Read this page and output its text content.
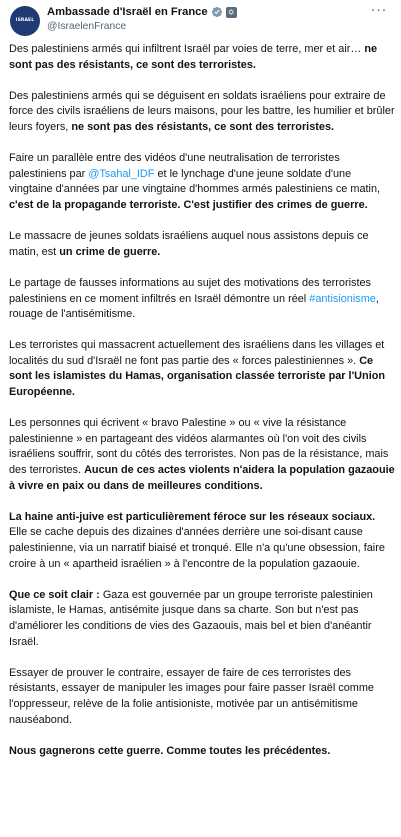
ISRAEL
Ambassade d'Israël en France	✡
@IsraelenFrance
···
Des palestiniens armés qui infiltrent Israël par voies de terre, mer et air… ne sont pas des résistants, ce sont des terroristes.
Des palestiniens armés qui se déguisent en soldats israéliens pour extraire de force des civils israéliens de leurs maisons, pour les battre, les humilier et brûler leurs foyers, ne sont pas des résistants, ce sont des terroristes.
Faire un parallèle entre des vidéos d'une neutralisation de terroristes palestiniens par @Tsahal_IDF et le lynchage d'une jeune soldate d'une vingtaine d'années par une vingtaine d'hommes armés palestiniens ce matin, c'est de la propagande terroriste. C'est justifier des crimes de guerre.
Le massacre de jeunes soldats israéliens auquel nous assistons depuis ce matin, est un crime de guerre.
Le partage de fausses informations au sujet des motivations des terroristes palestiniens en ce moment infiltrés en Israël démontre un réel #antisionisme, rouage de l'antisémitisme.
Les terroristes qui massacrent actuellement des israéliens dans les villages et localités du sud d'Israël ne font pas partie des « forces palestiniennes ». Ce sont les islamistes du Hamas, organisation classée terroriste par l'Union Européenne.
Les personnes qui écrivent « bravo Palestine » ou « vive la résistance palestinienne » en partageant des vidéos alarmantes où l'on voit des civils israéliens souffrir, sont du côtés des terroristes. Non pas de la résistance, mais des terroristes. Aucun de ces actes violents n'aidera la population gazaouie à vivre en paix ou dans de meilleures conditions.
La haine anti-juive est particulièrement féroce sur les réseaux sociaux. Elle se cache depuis des dizaines d'années derrière une soi-disant cause palestinienne, via un narratif biaisé et tronqué. Elle n'a qu'une obsession, faire croire à un « apartheid israélien » à l'encontre de la population gazaouie.
Que ce soit clair : Gaza est gouvernée par un groupe terroriste palestinien islamiste, le Hamas, antisémite jusque dans sa charte. Son but n'est pas d'améliorer les conditions de vies des Gazaouis, mais bel et bien d'anéantir Israël.
Essayer de prouver le contraire, essayer de faire de ces terroristes des résistants, essayer de manipuler les images pour faire passer Israël comme l'oppresseur, relève de la folie antisioniste, motivée par un antisémitisme nauséabond.
Nous gagnerons cette guerre. Comme toutes les précédentes.
